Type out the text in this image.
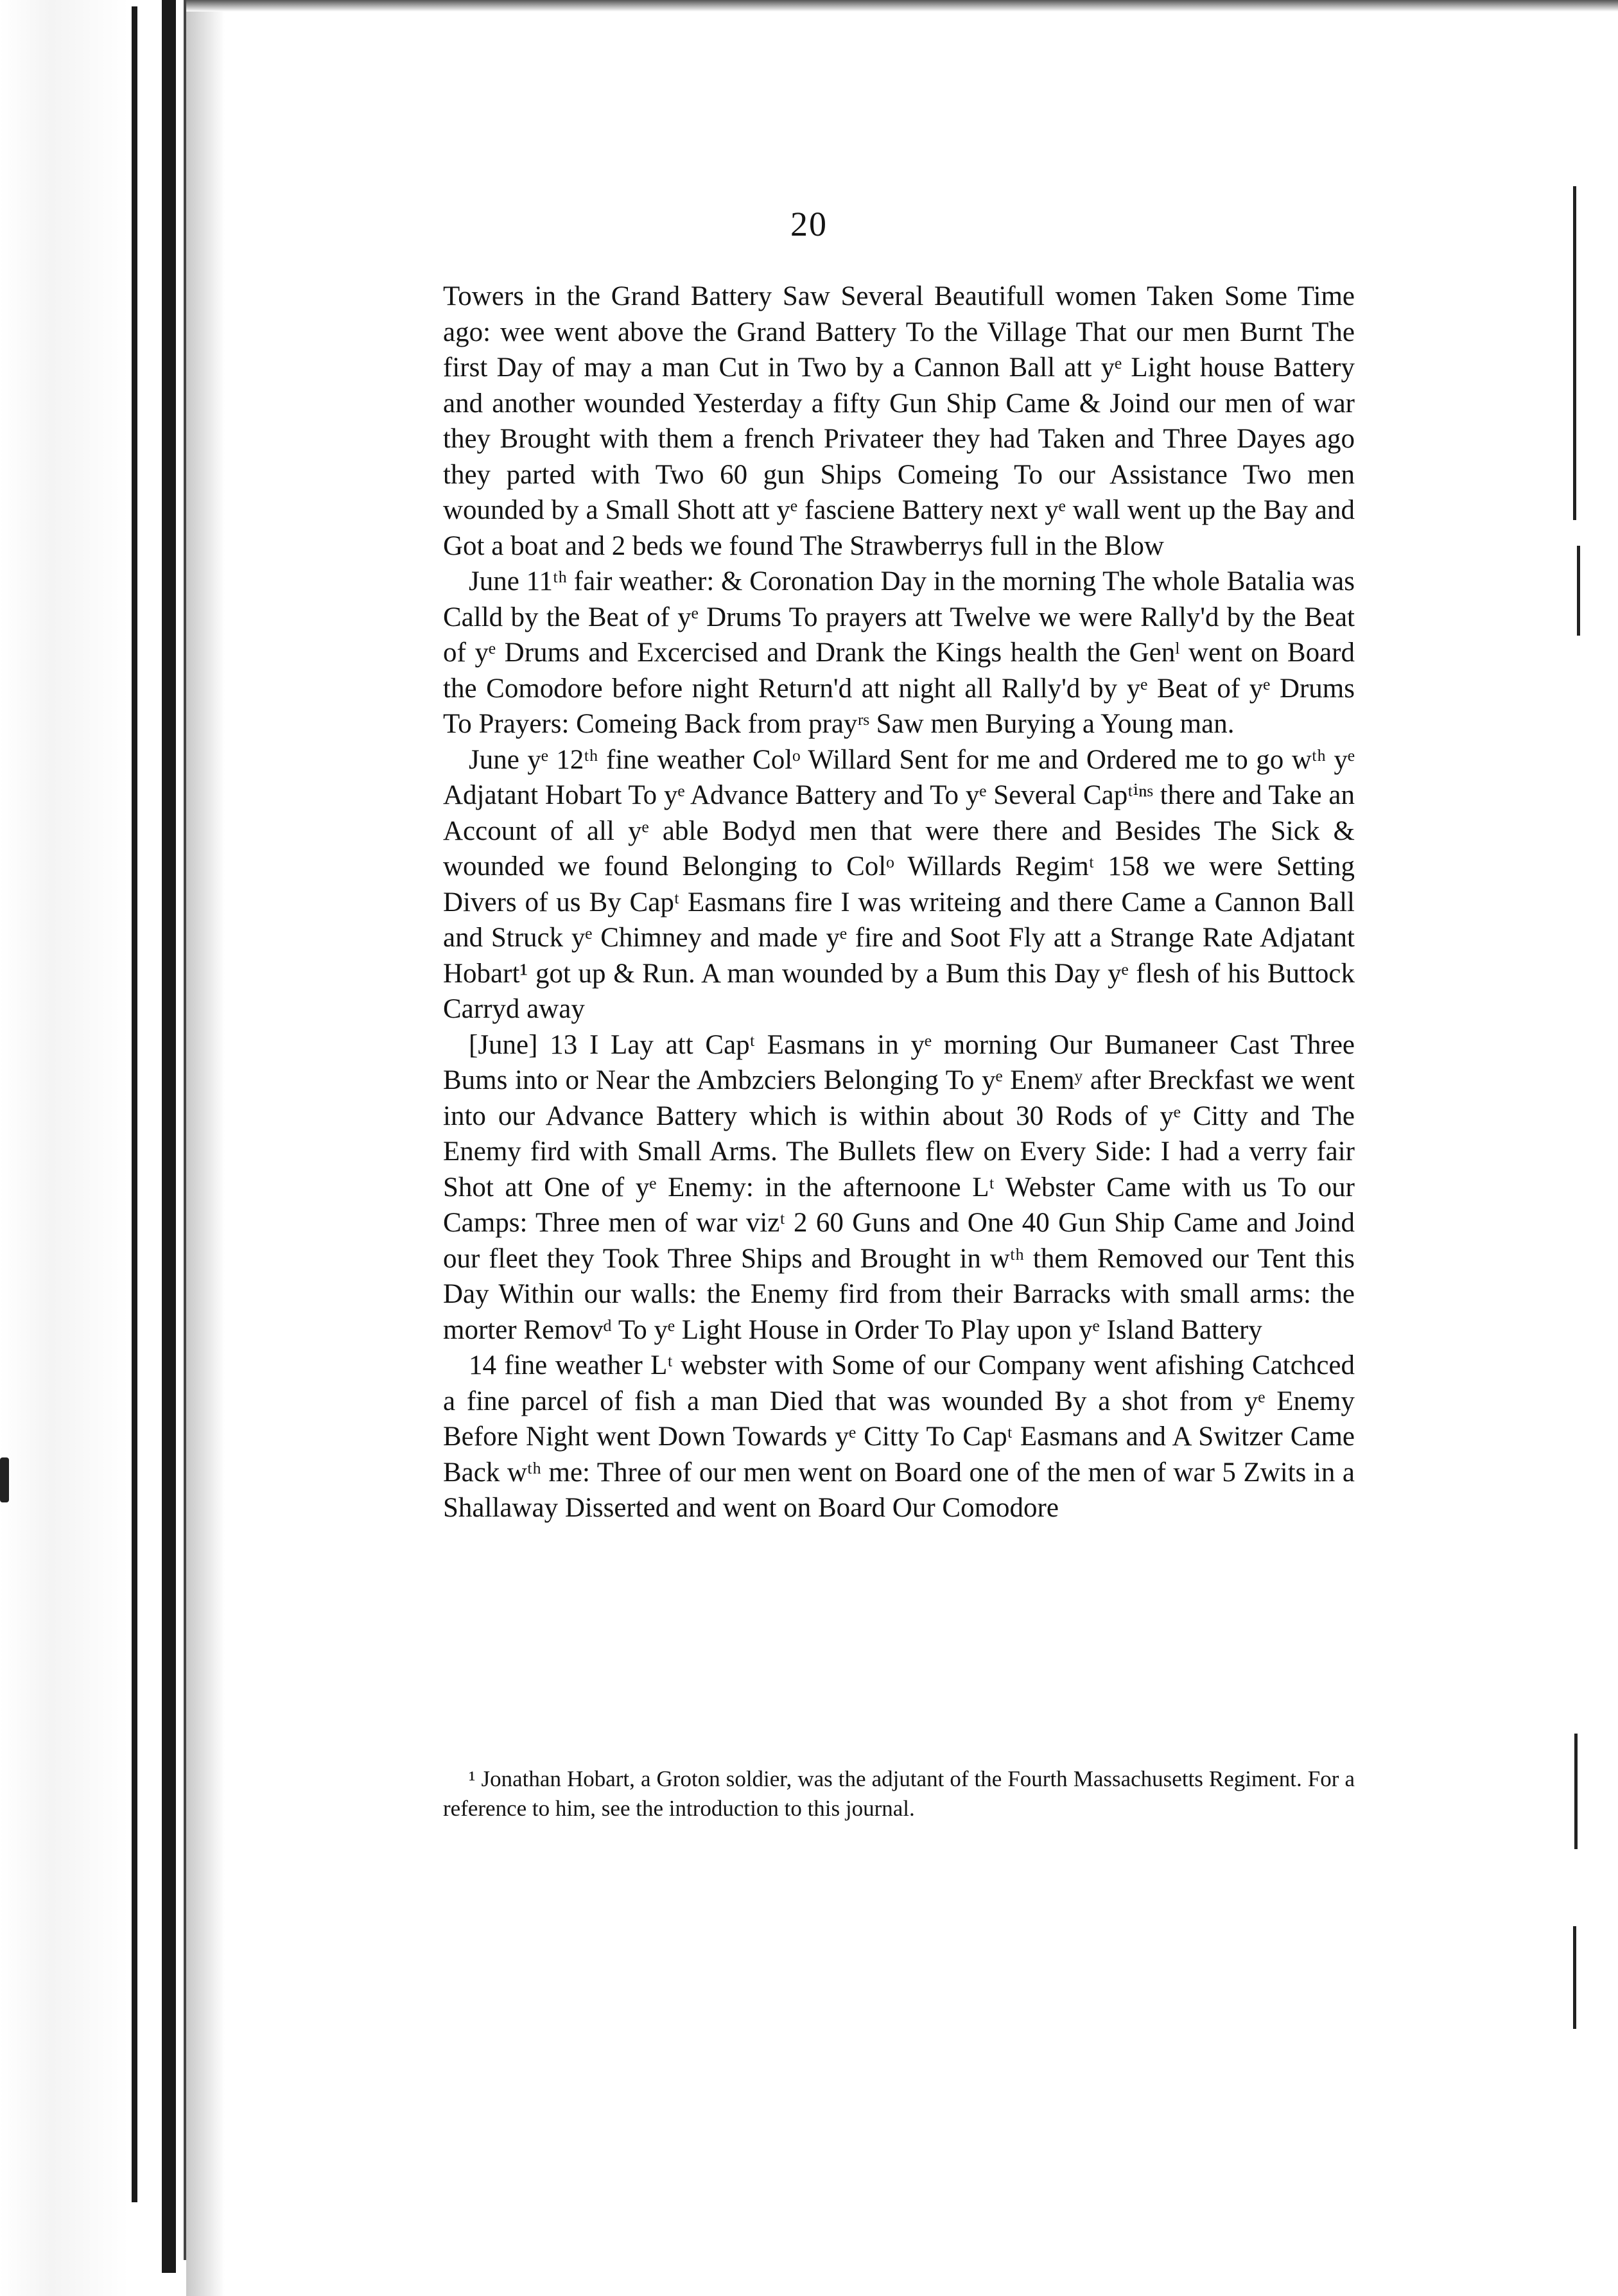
20

Towers in the Grand Battery Saw Several Beautifull women Taken Some Time ago: wee went above the Grand Battery To the Village That our men Burnt The first Day of may a man Cut in Two by a Cannon Ball att yᵉ Light house Battery and another wounded Yesterday a fifty Gun Ship Came & Joind our men of war they Brought with them a french Privateer they had Taken and Three Dayes ago they parted with Two 60 gun Ships Comeing To our Assistance Two men wounded by a Small Shott att yᵉ fasciene Battery next yᵉ wall went up the Bay and Got a boat and 2 beds we found The Strawberrys full in the Blow

June 11ᵗʰ fair weather: & Coronation Day in the morning The whole Batalia was Calld by the Beat of yᵉ Drums To prayers att Twelve we were Rally'd by the Beat of yᵉ Drums and Excercised and Drank the Kings health the Genˡ went on Board the Comodore before night Return'd att night all Rally'd by yᵉ Beat of yᵉ Drums To Prayers: Comeing Back from prayʳˢ Saw men Burying a Young man.

June yᵉ 12ᵗʰ fine weather Colᵒ Willard Sent for me and Ordered me to go wᵗʰ yᵉ Adjatant Hobart To yᵉ Advance Battery and To yᵉ Several Capᵗⁱⁿˢ there and Take an Account of all yᵉ able Bodyd men that were there and Besides The Sick & wounded we found Belonging to Colᵒ Willards Regimᵗ 158 we were Setting Divers of us By Capᵗ Easmans fire I was writeing and there Came a Cannon Ball and Struck yᵉ Chimney and made yᵉ fire and Soot Fly att a Strange Rate Adjatant Hobart¹ got up & Run. A man wounded by a Bum this Day yᵉ flesh of his Buttock Carryd away

[June] 13 I Lay att Capᵗ Easmans in yᵉ morning Our Bumaneer Cast Three Bums into or Near the Ambzciers Belonging To yᵉ Enemʸ after Breckfast we went into our Advance Battery which is within about 30 Rods of yᵉ Citty and The Enemy fird with Small Arms. The Bullets flew on Every Side: I had a verry fair Shot att One of yᵉ Enemy: in the afternoone Lᵗ Webster Came with us To our Camps: Three men of war vizᵗ 2 60 Guns and One 40 Gun Ship Came and Joind our fleet they Took Three Ships and Brought in wᵗʰ them Removed our Tent this Day Within our walls: the Enemy fird from their Barracks with small arms: the morter Removᵈ To yᵉ Light House in Order To Play upon yᵉ Island Battery

14 fine weather Lᵗ webster with Some of our Company went afishing Catchced a fine parcel of fish a man Died that was wounded By a shot from yᵉ Enemy Before Night went Down Towards yᵉ Citty To Capᵗ Easmans and A Switzer Came Back wᵗʰ me: Three of our men went on Board one of the men of war 5 Zwits in a Shallaway Disserted and went on Board Our Comodore

¹ Jonathan Hobart, a Groton soldier, was the adjutant of the Fourth Massachusetts Regiment. For a reference to him, see the introduction to this journal.
